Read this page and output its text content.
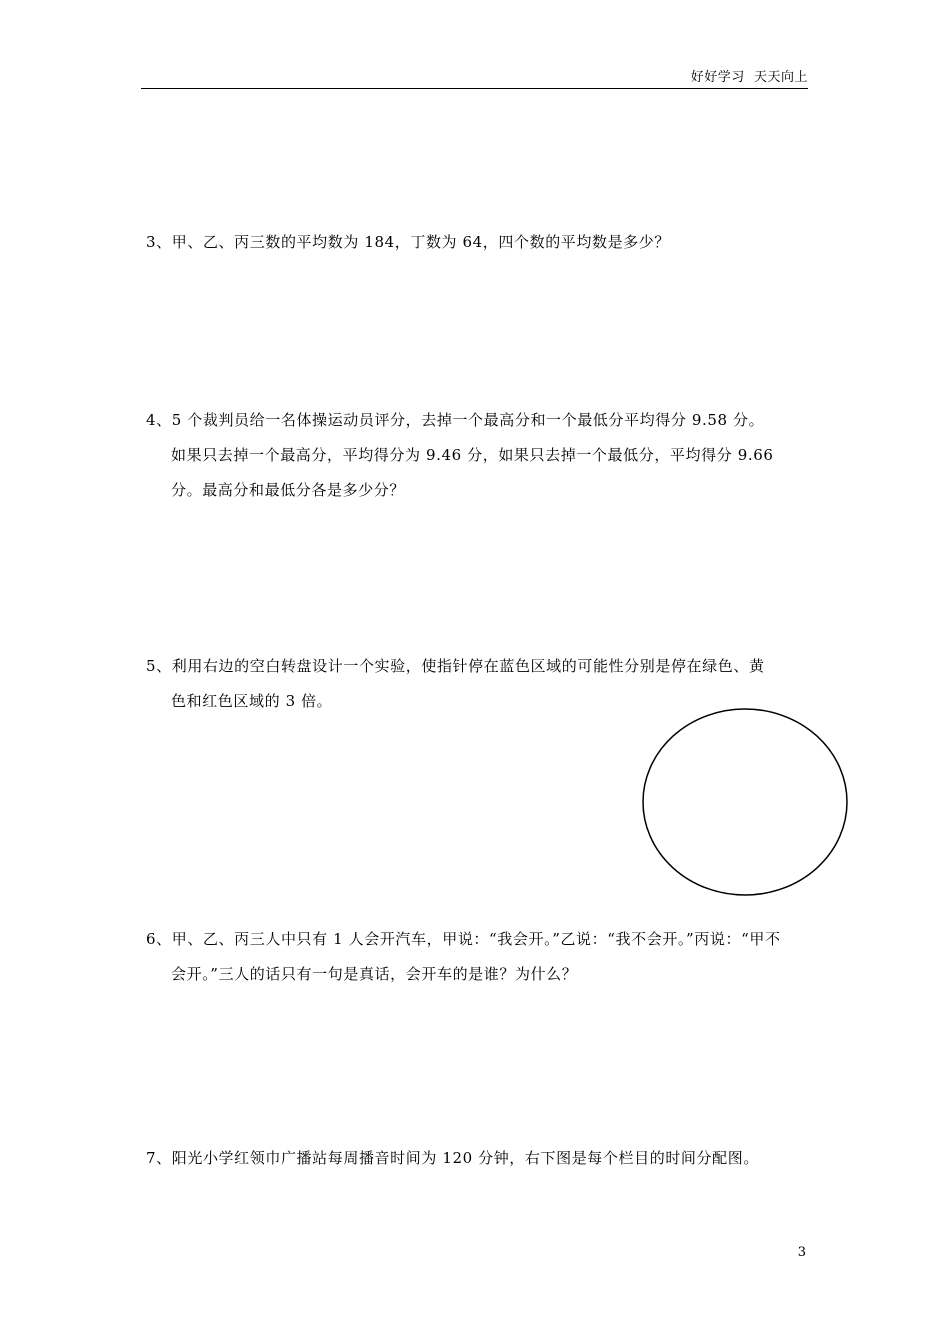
好好学习  天天向上
3、甲、乙、丙三数的平均数为 184，丁数为 64，四个数的平均数是多少？
4、5 个裁判员给一名体操运动员评分，去掉一个最高分和一个最低分平均得分 9.58 分。
如果只去掉一个最高分，平均得分为 9.46 分，如果只去掉一个最低分，平均得分 9.66
分。最高分和最低分各是多少分？
5、利用右边的空白转盘设计一个实验，使指针停在蓝色区域的可能性分别是停在绿色、黄
色和红色区域的 3 倍。
6、甲、乙、丙三人中只有 1 人会开汽车，甲说：“我会开。”乙说：“我不会开。”丙说：“甲不
会开。”三人的话只有一句是真话，会开车的是谁？为什么？
7、阳光小学红领巾广播站每周播音时间为 120 分钟，右下图是每个栏目的时间分配图。
3
